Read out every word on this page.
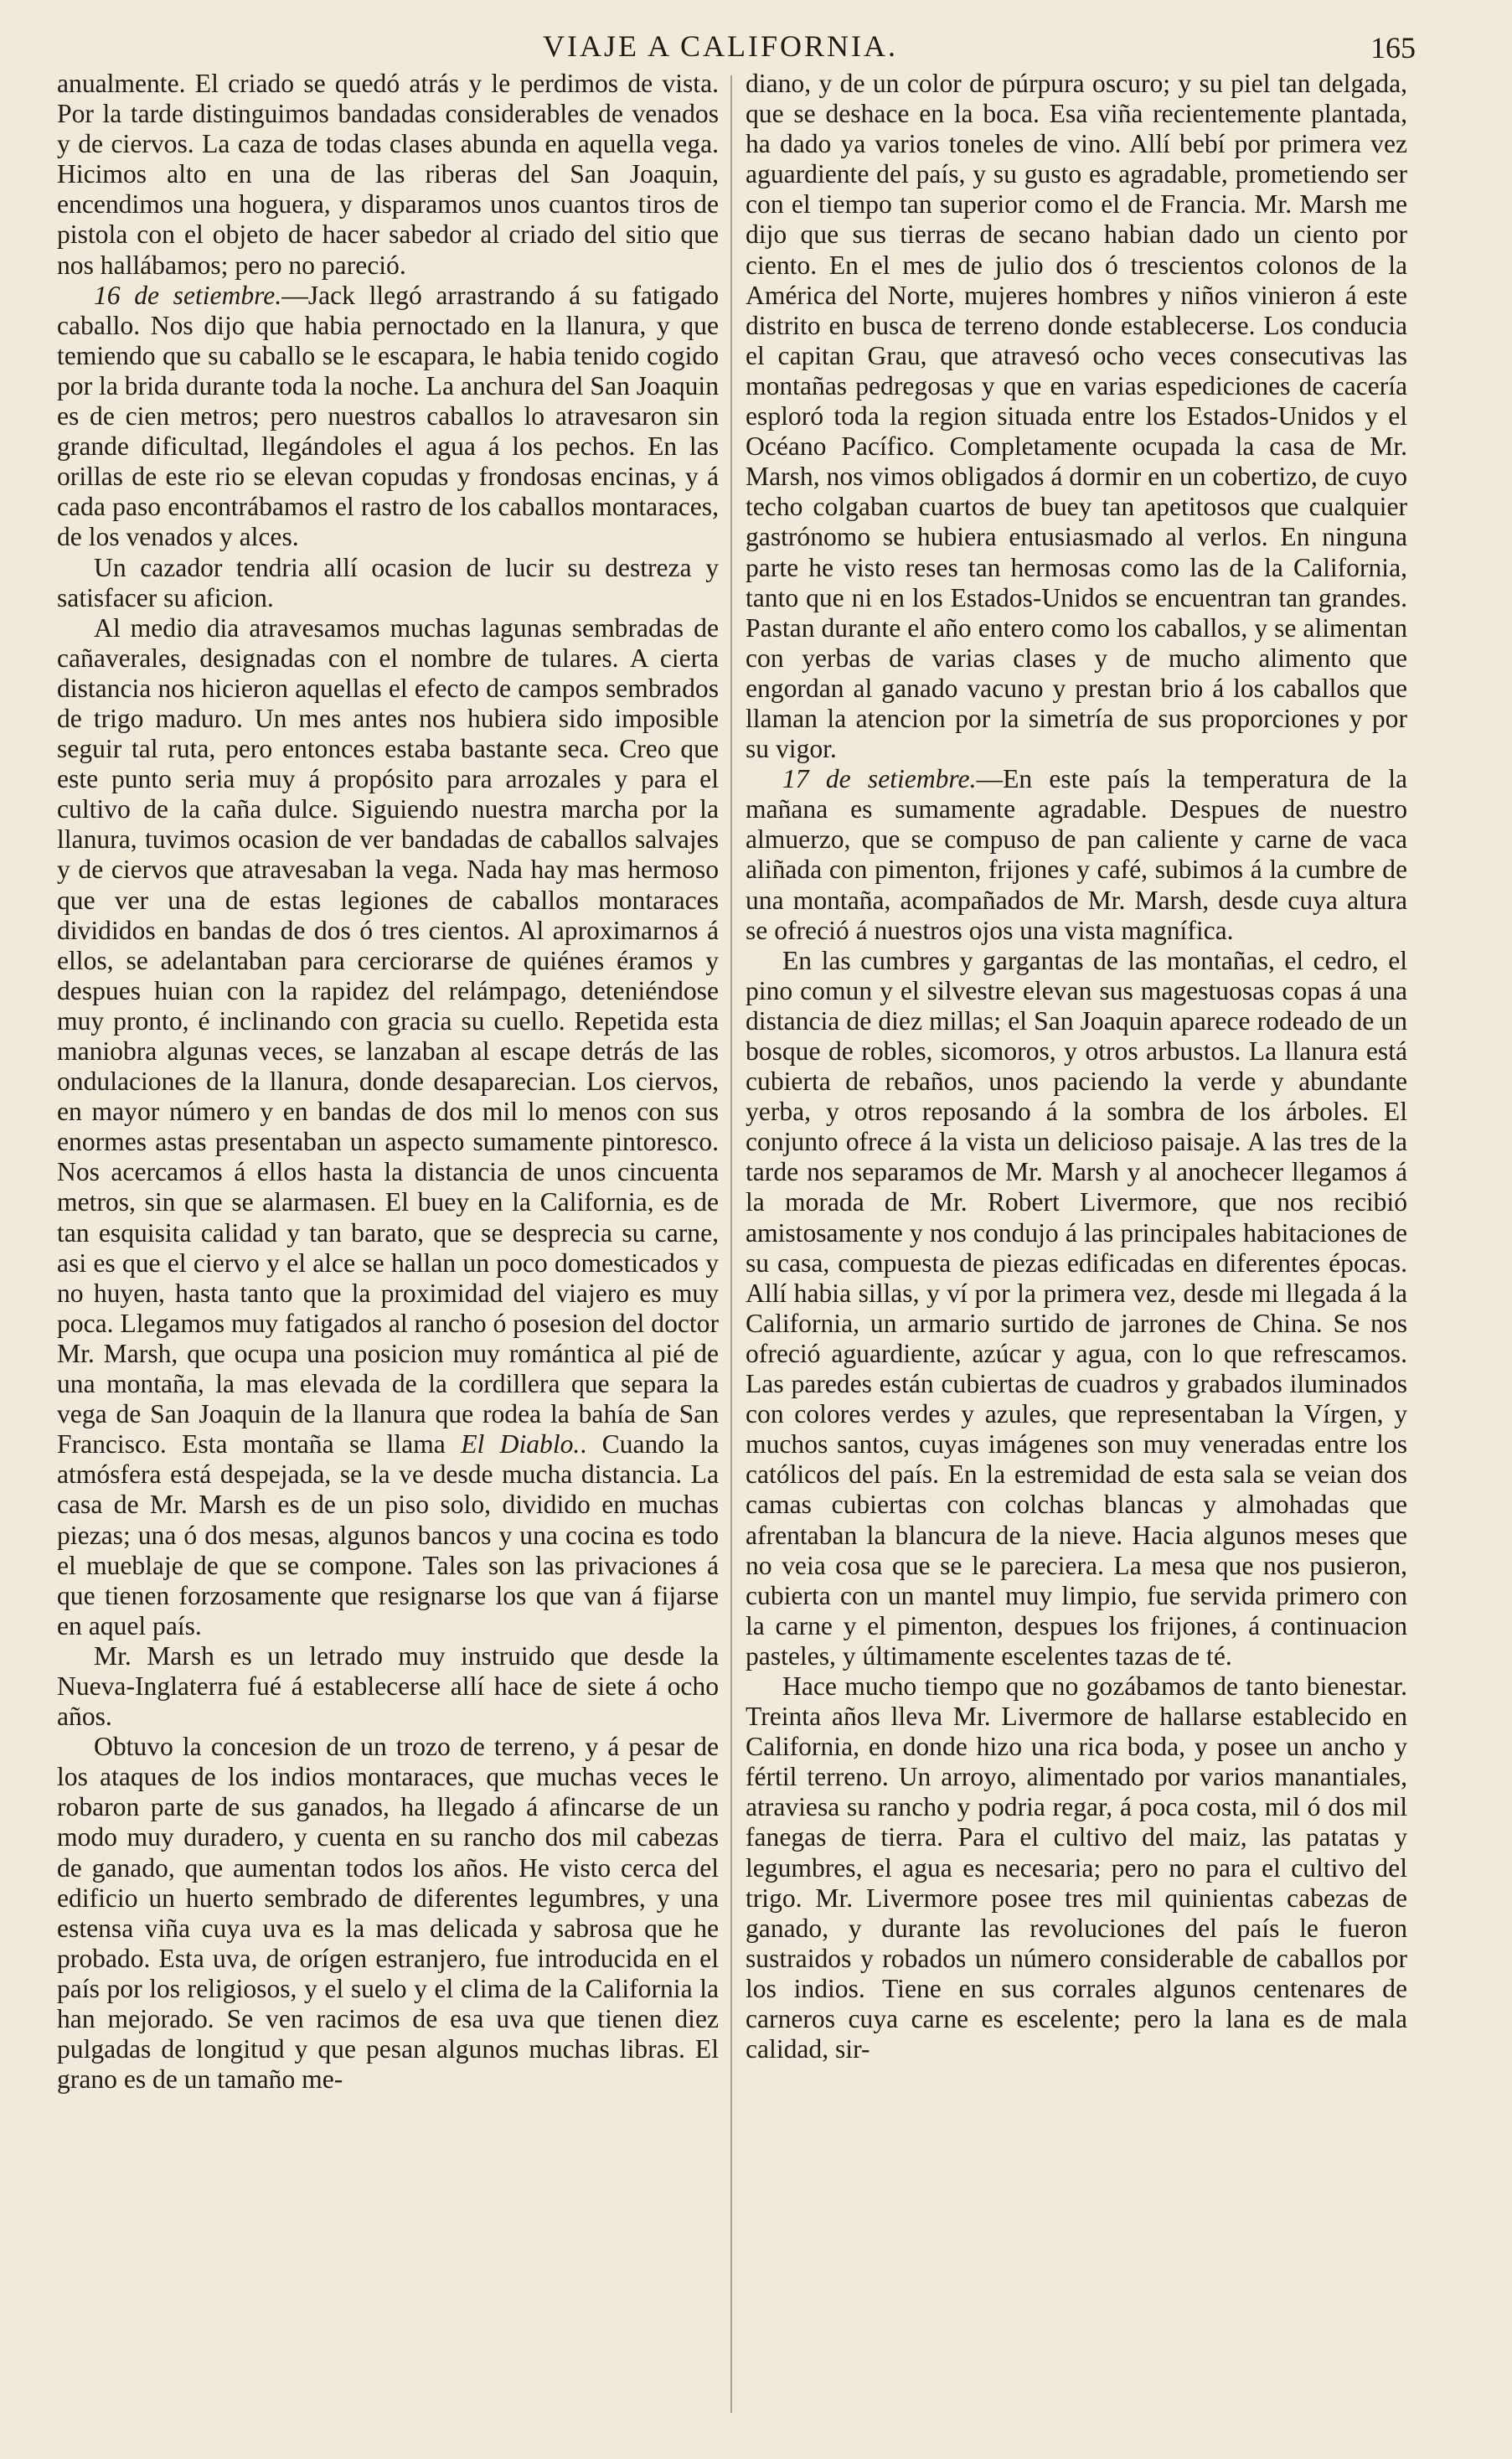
VIAJE A CALIFORNIA.	165

anualmente. El criado se quedó atrás y le perdimos de vista. Por la tarde distinguimos bandadas considerables de venados y de ciervos. La caza de todas clases abunda en aquella vega. Hicimos alto en una de las riberas del San Joaquin, encendimos una hoguera, y disparamos unos cuantos tiros de pistola con el objeto de hacer sabedor al criado del sitio que nos hallábamos; pero no pareció.

16 de setiembre.—Jack llegó arrastrando á su fatigado caballo. Nos dijo que habia pernoctado en la llanura, y que temiendo que su caballo se le escapara, le habia tenido cogido por la brida durante toda la noche. La anchura del San Joaquin es de cien metros; pero nuestros caballos lo atravesaron sin grande dificultad, llegándoles el agua á los pechos. En las orillas de este rio se elevan copudas y frondosas encinas, y á cada paso encontrábamos el rastro de los caballos montaraces, de los venados y alces.

Un cazador tendria allí ocasion de lucir su destreza y satisfacer su aficion.

Al medio dia atravesamos muchas lagunas sembradas de cañaverales, designadas con el nombre de tulares. A cierta distancia nos hicieron aquellas el efecto de campos sembrados de trigo maduro. Un mes antes nos hubiera sido imposible seguir tal ruta, pero entonces estaba bastante seca. Creo que este punto seria muy á propósito para arrozales y para el cultivo de la caña dulce. Siguiendo nuestra marcha por la llanura, tuvimos ocasion de ver bandadas de caballos salvajes y de ciervos que atravesaban la vega. Nada hay mas hermoso que ver una de estas legiones de caballos montaraces divididos en bandas de dos ó tres cientos. Al aproximarnos á ellos, se adelantaban para cerciorarse de quiénes éramos y despues huian con la rapidez del relámpago, deteniéndose muy pronto, é inclinando con gracia su cuello. Repetida esta maniobra algunas veces, se lanzaban al escape detrás de las ondulaciones de la llanura, donde desaparecian. Los ciervos, en mayor número y en bandas de dos mil lo menos con sus enormes astas presentaban un aspecto sumamente pintoresco. Nos acercamos á ellos hasta la distancia de unos cincuenta metros, sin que se alarmasen. El buey en la California, es de tan esquisita calidad y tan barato, que se desprecia su carne, asi es que el ciervo y el alce se hallan un poco domesticados y no huyen, hasta tanto que la proximidad del viajero es muy poca. Llegamos muy fatigados al rancho ó posesion del doctor Mr. Marsh, que ocupa una posicion muy romántica al pié de una montaña, la mas elevada de la cordillera que separa la vega de San Joaquin de la llanura que rodea la bahía de San Francisco. Esta montaña se llama El Diablo.. Cuando la atmósfera está despejada, se la ve desde mucha distancia. La casa de Mr. Marsh es de un piso solo, dividido en muchas piezas; una ó dos mesas, algunos bancos y una cocina es todo el mueblaje de que se compone. Tales son las privaciones á que tienen forzosamente que resignarse los que van á fijarse en aquel país.

Mr. Marsh es un letrado muy instruido que desde la Nueva-Inglaterra fué á establecerse allí hace de siete á ocho años.

Obtuvo la concesion de un trozo de terreno, y á pesar de los ataques de los indios montaraces, que muchas veces le robaron parte de sus ganados, ha llegado á afincarse de un modo muy duradero, y cuenta en su rancho dos mil cabezas de ganado, que aumentan todos los años. He visto cerca del edificio un huerto sembrado de diferentes legumbres, y una estensa viña cuya uva es la mas delicada y sabrosa que he probado. Esta uva, de orígen estranjero, fue introducida en el país por los religiosos, y el suelo y el clima de la California la han mejorado. Se ven racimos de esa uva que tienen diez pulgadas de longitud y que pesan algunos muchas libras. El grano es de un tamaño me-

diano, y de un color de púrpura oscuro; y su piel tan delgada, que se deshace en la boca. Esa viña recientemente plantada, ha dado ya varios toneles de vino. Allí bebí por primera vez aguardiente del país, y su gusto es agradable, prometiendo ser con el tiempo tan superior como el de Francia. Mr. Marsh me dijo que sus tierras de secano habian dado un ciento por ciento. En el mes de julio dos ó trescientos colonos de la América del Norte, mujeres hombres y niños vinieron á este distrito en busca de terreno donde establecerse. Los conducia el capitan Grau, que atravesó ocho veces consecutivas las montañas pedregosas y que en varias espediciones de cacería esploró toda la region situada entre los Estados-Unidos y el Océano Pacífico. Completamente ocupada la casa de Mr. Marsh, nos vimos obligados á dormir en un cobertizo, de cuyo techo colgaban cuartos de buey tan apetitosos que cualquier gastrónomo se hubiera entusiasmado al verlos. En ninguna parte he visto reses tan hermosas como las de la California, tanto que ni en los Estados-Unidos se encuentran tan grandes. Pastan durante el año entero como los caballos, y se alimentan con yerbas de varias clases y de mucho alimento que engordan al ganado vacuno y prestan brio á los caballos que llaman la atencion por la simetría de sus proporciones y por su vigor.

17 de setiembre.—En este país la temperatura de la mañana es sumamente agradable. Despues de nuestro almuerzo, que se compuso de pan caliente y carne de vaca aliñada con pimenton, frijones y café, subimos á la cumbre de una montaña, acompañados de Mr. Marsh, desde cuya altura se ofreció á nuestros ojos una vista magnífica.

En las cumbres y gargantas de las montañas, el cedro, el pino comun y el silvestre elevan sus magestuosas copas á una distancia de diez millas; el San Joaquin aparece rodeado de un bosque de robles, sicomoros, y otros arbustos. La llanura está cubierta de rebaños, unos paciendo la verde y abundante yerba, y otros reposando á la sombra de los árboles. El conjunto ofrece á la vista un delicioso paisaje. A las tres de la tarde nos separamos de Mr. Marsh y al anochecer llegamos á la morada de Mr. Robert Livermore, que nos recibió amistosamente y nos condujo á las principales habitaciones de su casa, compuesta de piezas edificadas en diferentes épocas. Allí habia sillas, y ví por la primera vez, desde mi llegada á la California, un armario surtido de jarrones de China. Se nos ofreció aguardiente, azúcar y agua, con lo que refrescamos. Las paredes están cubiertas de cuadros y grabados iluminados con colores verdes y azules, que representaban la Vírgen, y muchos santos, cuyas imágenes son muy veneradas entre los católicos del país. En la estremidad de esta sala se veian dos camas cubiertas con colchas blancas y almohadas que afrentaban la blancura de la nieve. Hacia algunos meses que no veia cosa que se le pareciera. La mesa que nos pusieron, cubierta con un mantel muy limpio, fue servida primero con la carne y el pimenton, despues los frijones, á continuacion pasteles, y últimamente escelentes tazas de té.

Hace mucho tiempo que no gozábamos de tanto bienestar. Treinta años lleva Mr. Livermore de hallarse establecido en California, en donde hizo una rica boda, y posee un ancho y fértil terreno. Un arroyo, alimentado por varios manantiales, atraviesa su rancho y podria regar, á poca costa, mil ó dos mil fanegas de tierra. Para el cultivo del maiz, las patatas y legumbres, el agua es necesaria; pero no para el cultivo del trigo. Mr. Livermore posee tres mil quinientas cabezas de ganado, y durante las revoluciones del país le fueron sustraidos y robados un número considerable de caballos por los indios. Tiene en sus corrales algunos centenares de carneros cuya carne es escelente; pero la lana es de mala calidad, sir-
